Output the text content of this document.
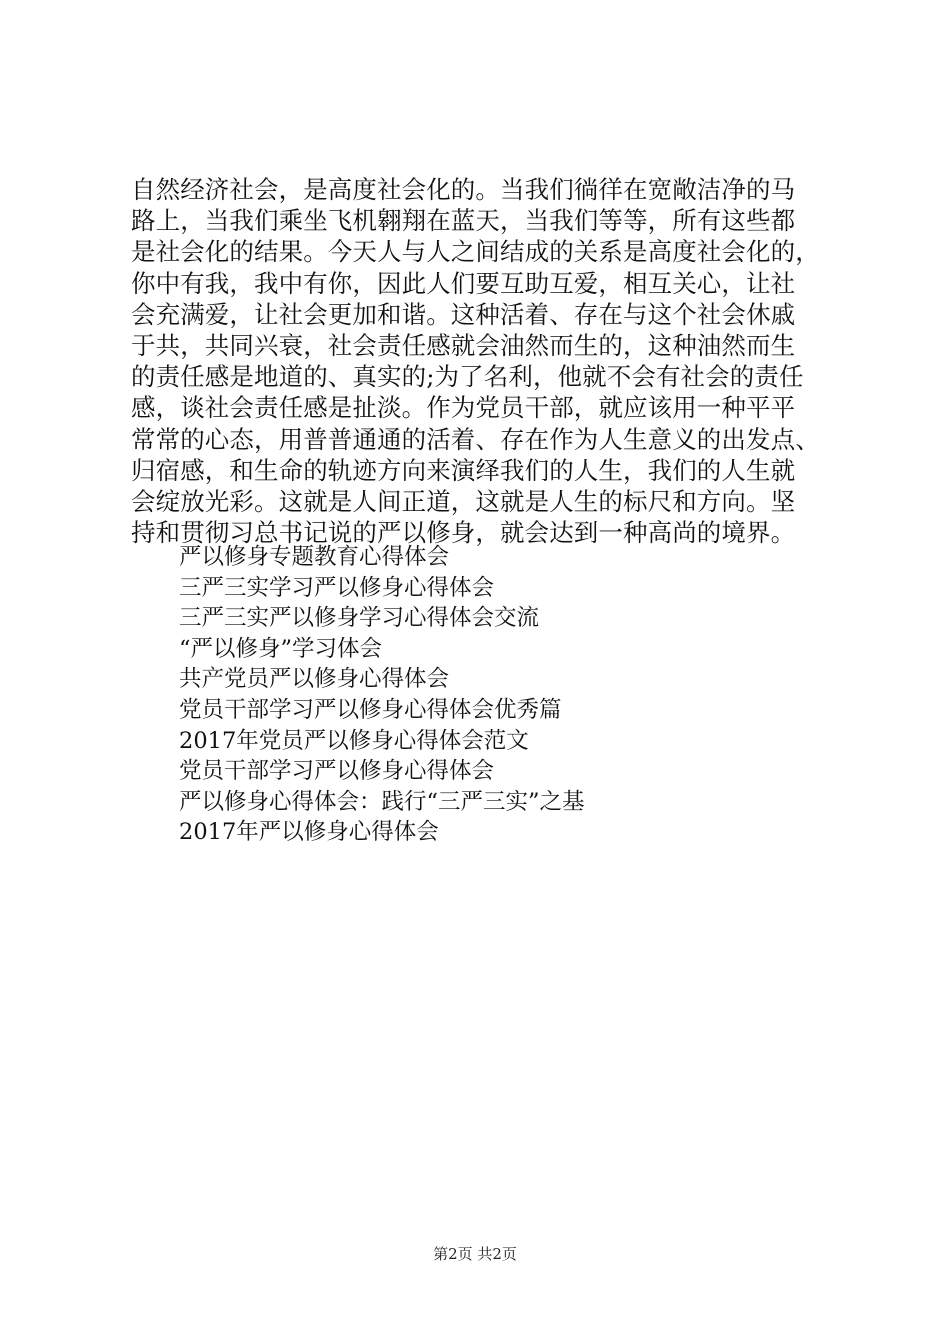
自然经济社会，是高度社会化的。当我们徜徉在宽敞洁净的马
路上，当我们乘坐飞机翱翔在蓝天，当我们等等，所有这些都
是社会化的结果。今天人与人之间结成的关系是高度社会化的，
你中有我，我中有你，因此人们要互助互爱，相互关心，让社
会充满爱，让社会更加和谐。这种活着、存在与这个社会休戚
于共，共同兴衰，社会责任感就会油然而生的，这种油然而生
的责任感是地道的、真实的;为了名利，他就不会有社会的责任
感，谈社会责任感是扯淡。作为党员干部，就应该用一种平平
常常的心态，用普普通通的活着、存在作为人生意义的出发点、
归宿感，和生命的轨迹方向来演绎我们的人生，我们的人生就
会绽放光彩。这就是人间正道，这就是人生的标尺和方向。坚
持和贯彻习总书记说的严以修身，就会达到一种高尚的境界。
严以修身专题教育心得体会
三严三实学习严以修身心得体会
三严三实严以修身学习心得体会交流
“严以修身”学习体会
共产党员严以修身心得体会
党员干部学习严以修身心得体会优秀篇
2017年党员严以修身心得体会范文
党员干部学习严以修身心得体会
严以修身心得体会：践行“三严三实”之基
2017年严以修身心得体会
第2页 共2页
